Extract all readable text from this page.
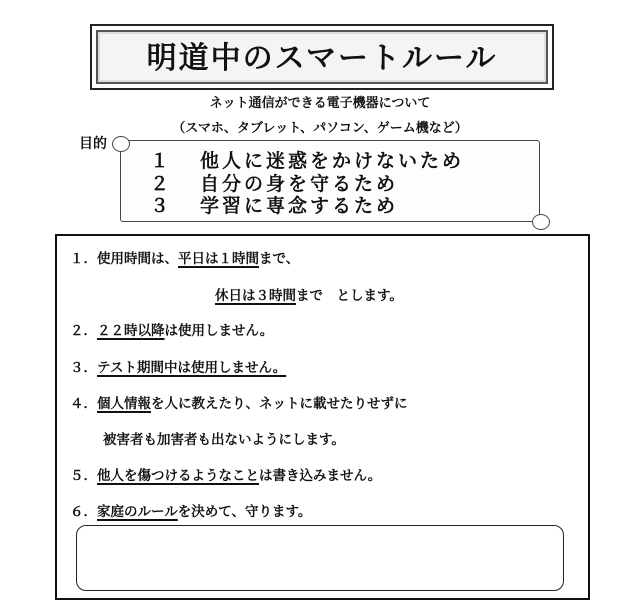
明道中のスマートルール
ネット通信ができる電子機器について
（スマホ、タブレット、パソコン、ゲーム機など）
目的
１ 他人に迷惑をかけないため
２ 自分の身を守るため
３ 学習に専念するため
１．使用時間は、平日は１時間まで、
休日は３時間まで　とします。
２．２２時以降は使用しません。
３．テスト期間中は使用しません。
４．個人情報を人に教えたり、ネットに載せたりせずに
被害者も加害者も出ないようにします。
５．他人を傷つけるようなことは書き込みません。
６．家庭のルールを決めて、守ります。
